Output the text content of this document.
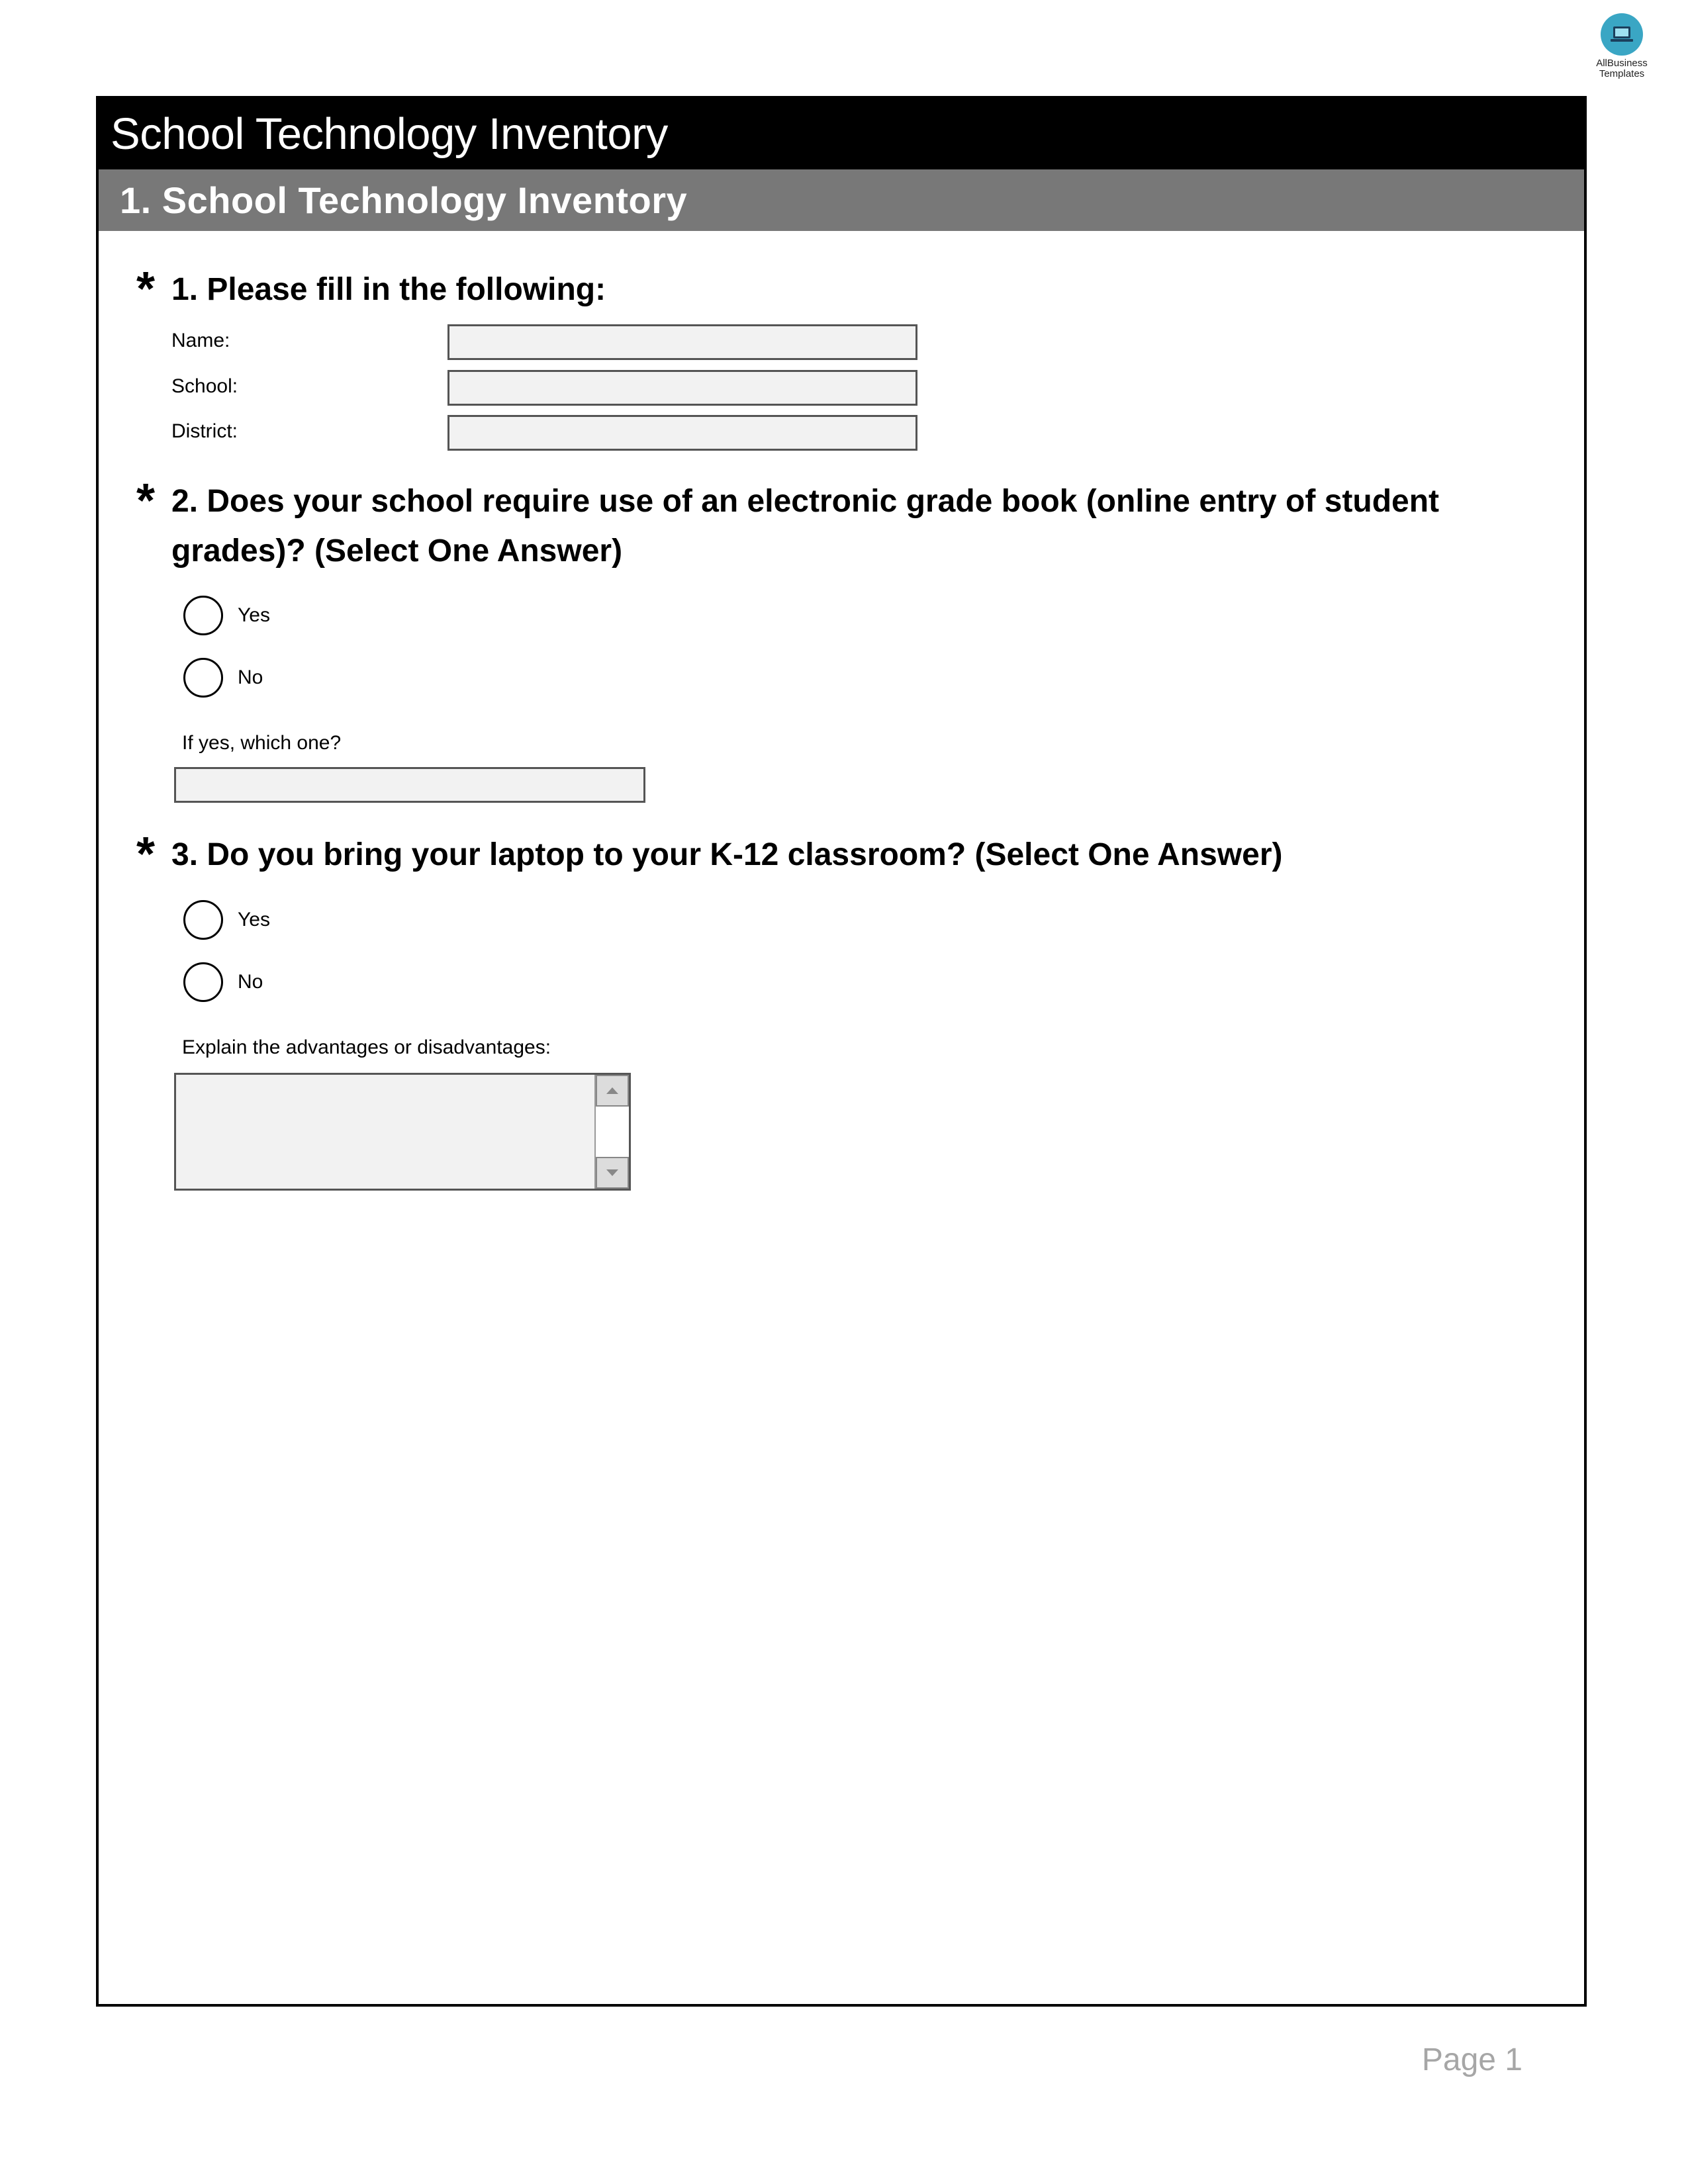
AllBusiness
Templates
School Technology Inventory
1. School Technology Inventory
* 1. Please fill in the following:
Name:
School:
District:
* 2. Does your school require use of an electronic grade book (online entry of student
grades)? (Select One Answer)
Yes
No
If yes, which one?
* 3. Do you bring your laptop to your K-12 classroom? (Select One Answer)
Yes
No
Explain the advantages or disadvantages:
Page 1
